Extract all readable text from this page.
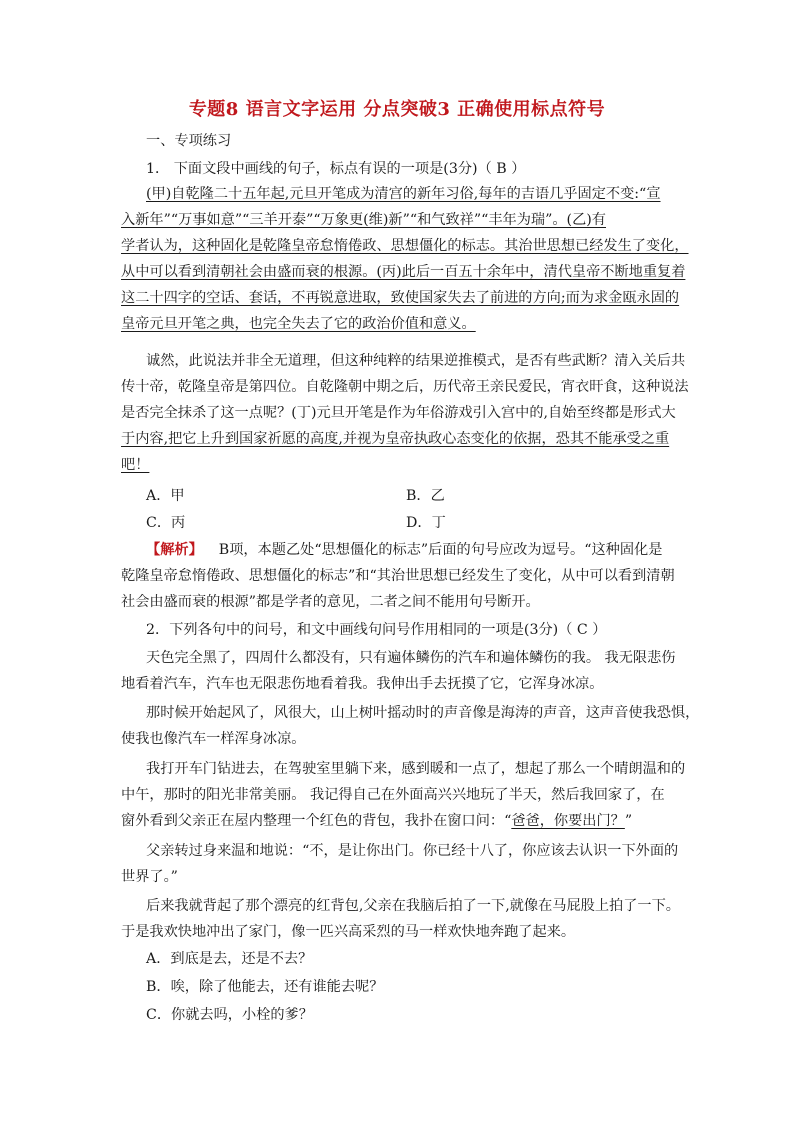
专题8 语言文字运用 分点突破3 正确使用标点符号
一、专项练习
1． 下面文段中画线的句子，标点有误的一项是(3分)（ B ）
(甲)自乾隆二十五年起,元旦开笔成为清宫的新年习俗,每年的吉语几乎固定不变:“宣
入新年”“万事如意”“三羊开泰”“万象更(维)新”“和气致祥”“丰年为瑞”。(乙)有
学者认为，这种固化是乾隆皇帝怠惰倦政、思想僵化的标志。其治世思想已经发生了变化，
从中可以看到清朝社会由盛而衰的根源。(丙)此后一百五十余年中，清代皇帝不断地重复着
这二十四字的空话、套话，不再锐意进取，致使国家失去了前进的方向;而为求金瓯永固的
皇帝元旦开笔之典，也完全失去了它的政治价值和意义。
诚然，此说法并非全无道理，但这种纯粹的结果逆推模式，是否有些武断？清入关后共
传十帝，乾隆皇帝是第四位。自乾隆朝中期之后，历代帝王亲民爱民，宵衣旰食，这种说法
是否完全抹杀了这一点呢？(丁)元旦开笔是作为年俗游戏引入宫中的,自始至终都是形式大
于内容,把它上升到国家祈愿的高度,并视为皇帝执政心态变化的依据，恐其不能承受之重
吧！
A．甲	B．乙
C．丙	D．丁
【解析】 B项，本题乙处“思想僵化的标志”后面的句号应改为逗号。“这种固化是
乾隆皇帝怠惰倦政、思想僵化的标志”和“其治世思想已经发生了变化，从中可以看到清朝
社会由盛而衰的根源”都是学者的意见，二者之间不能用句号断开。
2．下列各句中的问号，和文中画线句问号作用相同的一项是(3分)（ C ）
天色完全黑了，四周什么都没有，只有遍体鳞伤的汽车和遍体鳞伤的我。 我无限悲伤
地看着汽车，汽车也无限悲伤地看着我。我伸出手去抚摸了它，它浑身冰凉。
那时候开始起风了，风很大，山上树叶摇动时的声音像是海涛的声音，这声音使我恐惧，
使我也像汽车一样浑身冰凉。
我打开车门钻进去，在驾驶室里躺下来，感到暖和一点了，想起了那么一个晴朗温和的
中午，那时的阳光非常美丽。 我记得自己在外面高兴兴地玩了半天，然后我回家了，在
窗外看到父亲正在屋内整理一个红色的背包，我扑在窗口问：“爸爸，你要出门？”
父亲转过身来温和地说：“不，是让你出门。你已经十八了，你应该去认识一下外面的
世界了。”
后来我就背起了那个漂亮的红背包,父亲在我脑后拍了一下,就像在马屁股上拍了一下。
于是我欢快地冲出了家门，像一匹兴高采烈的马一样欢快地奔跑了起来。
A．到底是去，还是不去？
B．唉，除了他能去，还有谁能去呢？
C．你就去吗，小栓的爹？
